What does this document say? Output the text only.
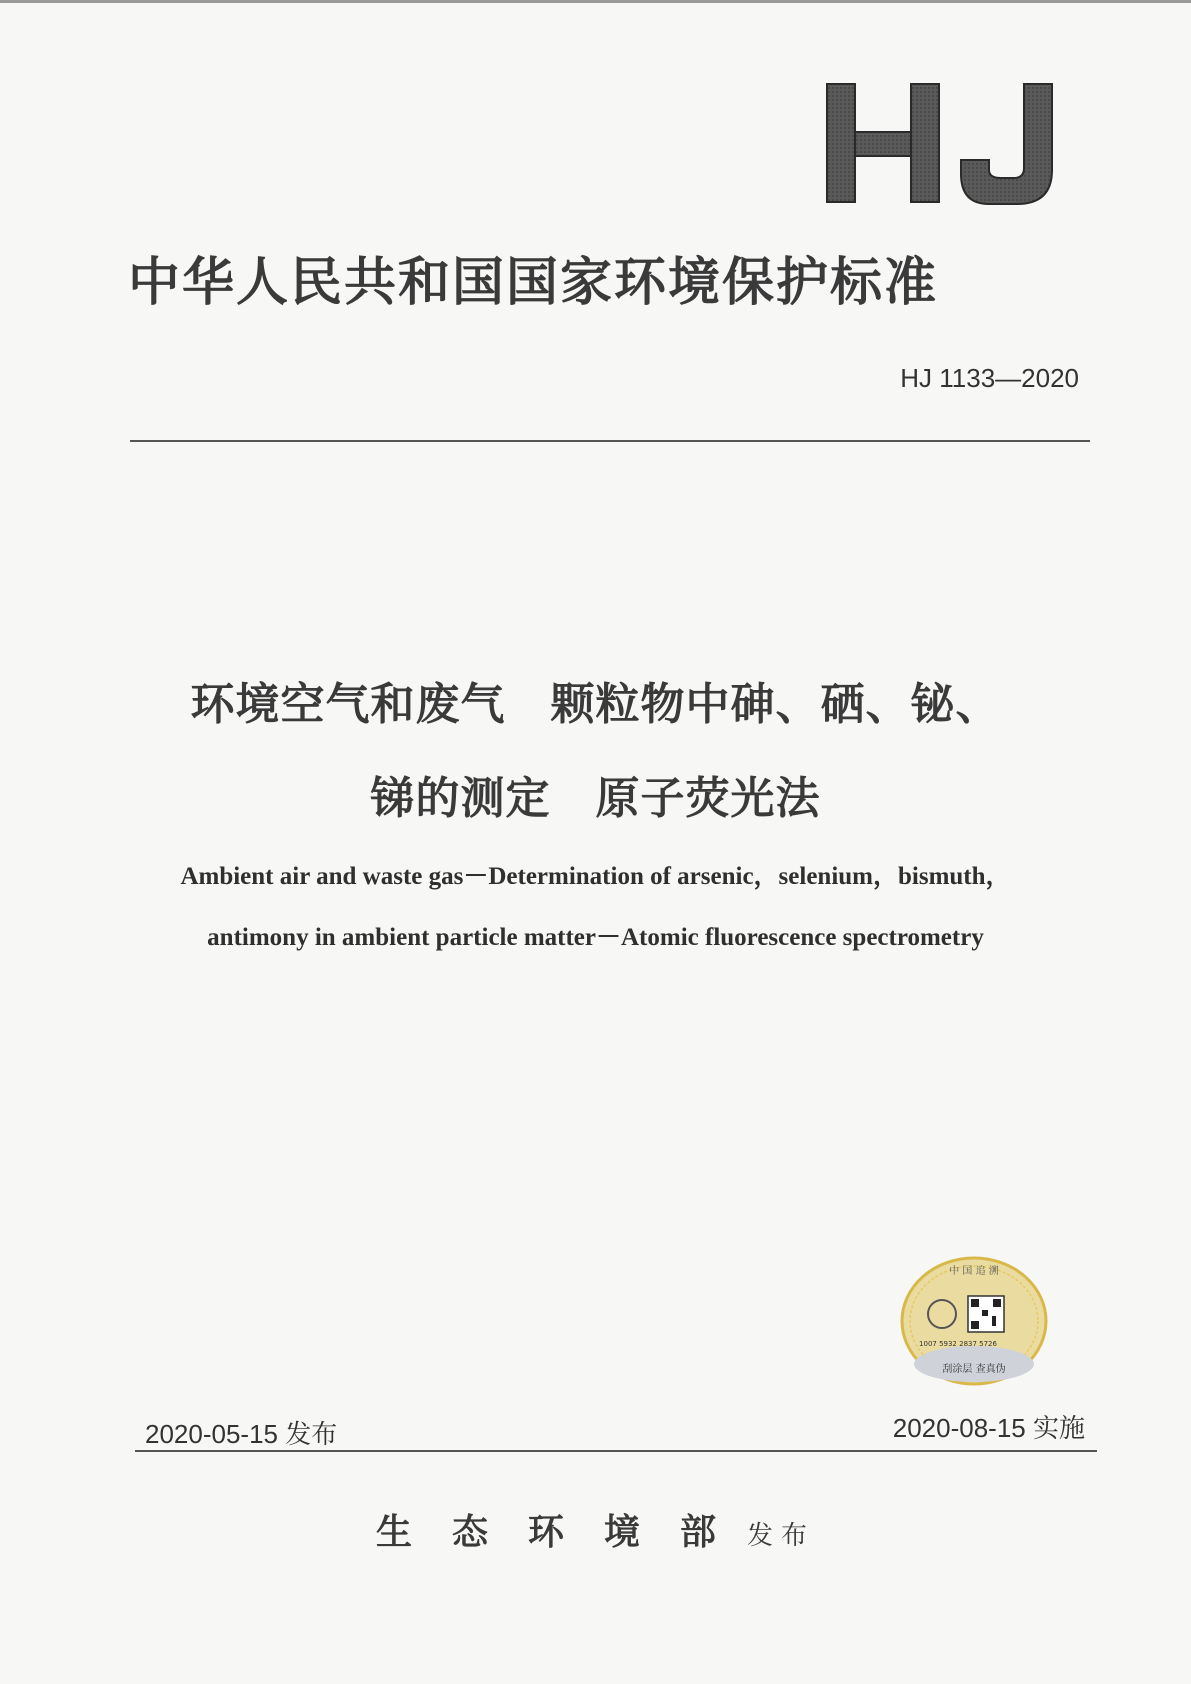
中华人民共和国国家环境保护标准
HJ 1133—2020
环境空气和废气　颗粒物中砷、硒、铋、
锑的测定　原子荧光法
Ambient air and waste gas－Determination of arsenic，selenium，bismuth，
antimony in ambient particle matter－Atomic fluorescence spectrometry
中 国 追 溯
1007 5932 2837 5726
刮涂层 查真伪
2020-05-15 发布	2020-08-15 实施
生态环境部 发布
